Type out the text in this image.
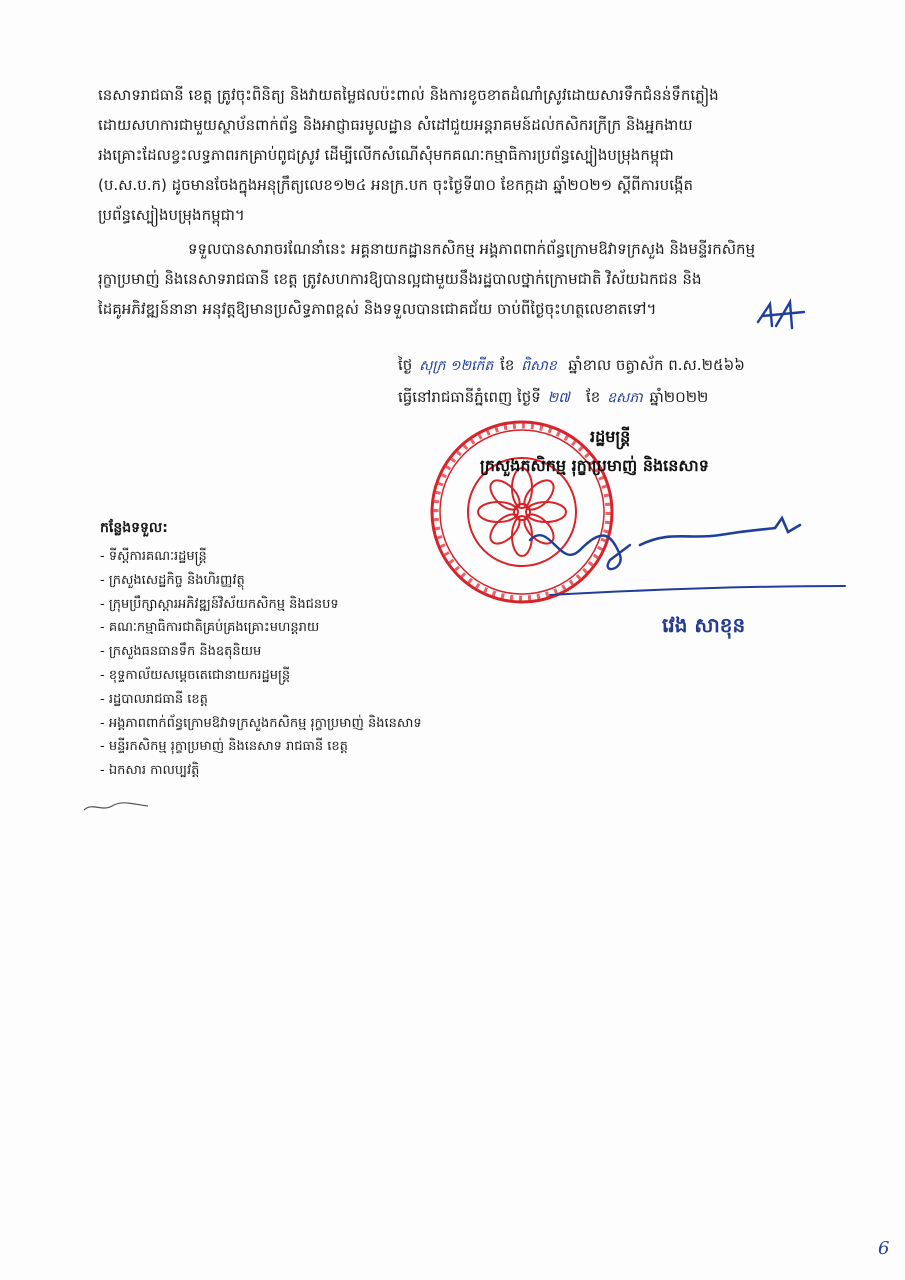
នេសាទរាជធានី ខេត្ត ត្រូវចុះពិនិត្យ និងវាយតម្លៃផលប៉ះពាល់ និងការខូចខាតដំណាំស្រូវដោយសារទឹកជំនន់ទឹកភ្លៀង
ដោយសហការជាមួយស្ថាប័នពាក់ព័ន្ធ និងអាជ្ញាធរមូលដ្ឋាន សំដៅជួយអន្តរាគមន៍ដល់កសិករក្រីក្រ និងអ្នកងាយ
រងគ្រោះដែលខ្វះលទ្ធភាពរកគ្រាប់ពូជស្រូវ ដើម្បីលើកសំណើសុំមកគណៈកម្មាធិការប្រព័ន្ធស្បៀងបម្រុងកម្ពុជា
(ប.ស.ប.ក) ដូចមានចែងក្នុងអនុក្រឹត្យលេខ១២៤ អនក្រ.បក ចុះថ្ងៃទី៣០ ខែកក្កដា ឆ្នាំ២០២១ ស្តីពីការបង្កើត
ប្រព័ន្ធស្បៀងបម្រុងកម្ពុជា។
ទទួលបានសារាចរណែនាំនេះ អគ្គនាយកដ្ឋានកសិកម្ម អង្គភាពពាក់ព័ន្ធក្រោមឱវាទក្រសួង និងមន្ទីរកសិកម្ម
រុក្ខាប្រមាញ់ និងនេសាទរាជធានី ខេត្ត ត្រូវសហការឱ្យបានល្អជាមួយនឹងរដ្ឋបាលថ្នាក់ក្រោមជាតិ វិស័យឯកជន និង
ដៃគូអភិវឌ្ឍន៍នានា អនុវត្តឱ្យមានប្រសិទ្ធភាពខ្ពស់ និងទទួលបានជោគជ័យ ចាប់ពីថ្ងៃចុះហត្ថលេខាតទៅ។
ថ្ងៃ សុក្រ ១២កើត ខែ ពិសាខ ឆ្នាំខាល ចត្វាស័ក ព.ស.២៥៦៦
ធ្វើនៅរាជធានីភ្នំពេញ ថ្ងៃទី ២៧ ខែ ឧសភា ឆ្នាំ២០២២
រដ្ឋមន្ត្រី
ក្រសួងកសិកម្ម រុក្ខាប្រមាញ់ និងនេសាទ
វេង សាខុន
កន្លែងទទួល:
- ទីស្តីការគណៈរដ្ឋមន្ត្រី
- ក្រសួងសេដ្ឋកិច្ច និងហិរញ្ញវត្ថុ
- ក្រុមប្រឹក្សាស្តារអភិវឌ្ឍន៍វិស័យកសិកម្ម និងជនបទ
- គណៈកម្មាធិការជាតិគ្រប់គ្រងគ្រោះមហន្តរាយ
- ក្រសួងធនធានទឹក និងឧតុនិយម
- ខុទ្ទកាល័យសម្តេចតេជោនាយករដ្ឋមន្ត្រី
- រដ្ឋបាលរាជធានី ខេត្ត
- អង្គភាពពាក់ព័ន្ធក្រោមឱវាទក្រសួងកសិកម្ម រុក្ខាប្រមាញ់ និងនេសាទ
- មន្ទីរកសិកម្ម រុក្ខាប្រមាញ់ និងនេសាទ រាជធានី ខេត្ត
- ឯកសារ កាលប្បវត្តិ
6
